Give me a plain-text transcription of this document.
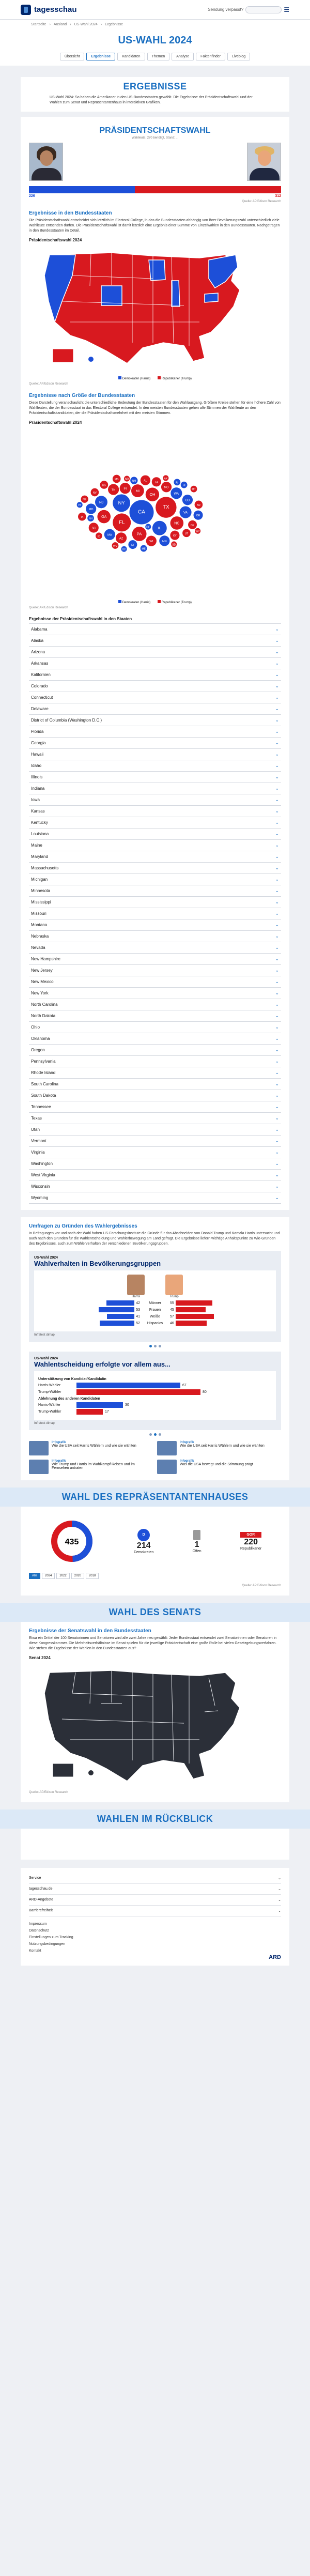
tagesschau	Sendung verpasst?	☰
Startseite › Ausland › US-Wahl 2024 › Ergebnisse
US-WAHL 2024
Übersicht	Ergebnisse	Kandidaten	Themen	Analyse	Faktenfinder	Liveblog
ERGEBNISSE

US-Wahl 2024: So haben die Amerikaner in den US-Bundesstaaten gewählt. Die Ergebnisse der Präsidentschaftswahl und der Wahlen zum Senat und Repräsentantenhaus in interaktiven Grafiken.

PRÄSIDENTSCHAFTSWAHL
Wahlleute, 270 benötigt, Stand: ...
226	312
Quelle: AP/Edison Research
Ergebnisse in den Bundesstaaten

Die Präsidentschaftswahl entscheidet sich letztlich im Electoral College, in das die Bundesstaaten abhängig von ihrer Bevölkerungszahl unterschiedlich viele Wahlleute entsenden dürfen. Die Präsidentschaftswahl ist damit letztlich eine Ergebnis einer Summe von Einzelwahlen in den Bundesstaaten. Nachgetragen in den Bundesstaaten im Detail.

Präsidentschaftswahl 2024
Demokraten (Harris)	Republikaner (Trump)
Quelle: AP/Edison Research
Ergebnisse nach Größe der Bundesstaaten

Diese Darstellung veranschaulicht die unterschiedliche Bedeutung der Bundesstaaten für den Wahlausgang. Größere Kreise stehen für eine höhere Zahl von Wahlleuten, die der Bundesstaat in das Electoral College entsendet. In den meisten Bundesstaaten gehen alle Stimmen der Wahlleute an den Präsidentschaftskandidaten, der die Präsidentschaftsmehrheit mit den meisten Stimmen.

Präsidentschaftswahl 2024
CA
TX
FL
NY
IL
PA
OH
GA
NC
MI
NJ
VA
WA
AZ
TN
MA
IN
MD
MN
MO
WI
CO
AL
SC
KY
LA
OR
OK
CT
UT
NV
IA
KS
AR
MS
NM
NE
ID
WV
HI
NH
ME
RI
MT
DE
SD
ND	AK
VT
WY
DC
Demokraten (Harris)	Republikaner (Trump)
Quelle: AP/Edison Research
Ergebnisse der Präsidentschaftswahl in den Staaten
Alabama	⌄
Alaska	⌄
Arizona	⌄
Arkansas	⌄
Kalifornien	⌄
Colorado	⌄
Connecticut	⌄
Delaware	⌄
District of Columbia (Washington D.C.)	⌄
Florida	⌄
Georgia	⌄
Hawaii	⌄
Idaho	⌄
Illinois	⌄
Indiana	⌄
Iowa	⌄
Kansas	⌄
Kentucky	⌄
Louisiana	⌄
Maine	⌄
Maryland	⌄
Massachusetts	⌄
Michigan	⌄
Minnesota	⌄
Mississippi	⌄
Missouri	⌄
Montana	⌄
Nebraska	⌄
Nevada	⌄
New Hampshire	⌄
New Jersey	⌄
New Mexico	⌄
New York	⌄
North Carolina	⌄
North Dakota	⌄
Ohio	⌄
Oklahoma	⌄
Oregon	⌄
Pennsylvania	⌄
Rhode Island	⌄
South Carolina	⌄
South Dakota	⌄
Tennessee	⌄
Texas	⌄
Utah	⌄
Vermont	⌄
Virginia	⌄
Washington	⌄
West Virginia	⌄
Wisconsin	⌄
Wyoming	⌄
Umfragen zu Gründen des Wahlergebnisses

In Befragungen vor und nach der Wahl haben US-Forschungsinstitute die Gründe für das Abschneiden von Donald Trump und Kamala Harris untersucht und auch nach den Gründen für die Wahlentscheidung und Wählerbewegung am Land gefragt. Die Ergebnisse liefern wichtige Anhaltspunkte zu Wie-Gründen des Ergebnisses, auch zum Wählerverhalten der verschiedenen Bevölkerungsgruppen.

US-Wahl 2024
Wahlverhalten in Bevölkerungsgruppen
Harris	Trump
42	Männer	55
53	Frauen	45
41	Weiße	57
52	Hispanics	46
Infratest dimap
US-Wahl 2024
Wahlentscheidung erfolgte vor allem aus...
Unterstützung von Kandidat/Kandidatin
Harris-Wähler	67
Trump-Wähler	80
Ablehnung des anderen Kandidaten
Harris-Wähler	30
Trump-Wähler	17
Infratest dimap
Infografik
Wie die USA seit Harris Wählern und wie sie wählten
Infografik
Wie die USA seit Harris Wählern und wie sie wählten
Infografik
Wie Trump und Harris im Wahlkampf Reisen und im Fernsehen antraten
Infografik
Was die USA bewegt und die Stimmung prägt
WAHL DES REPRÄSENTANTENHAUSES
435
D
214
Demokraten
1
Offen
GOP.
220
Republikaner
Alle	2024	2022	2020	2018
Quelle: AP/Edison Research
WAHL DES SENATS
Ergebnisse der Senatswahl in den Bundesstaaten

Etwa ein Drittel der 100 Senatorinnen und Senatoren wird alle zwei Jahre neu gewählt: Jeder Bundesstaat entsendet zwei Senatorinnen oder Senatoren in diese Kongresskammer. Die Mehrheitsverhältnisse im Senat spielen für die jeweilige Präsidentschaft eine große Rolle bei vielen Gesetzgebungsverfahren. Wie stehen die Ergebnisse der Wahlen in den Bundesstaaten aus?

Senat 2024
Quelle: AP/Edison Research
WAHLEN IM RÜCKBLICK
Service	⌄
tagesschau.de	⌄
ARD-Angebote	⌄
Barrierefreiheit	⌄
Impressum
Datenschutz
Einstellungen zum Tracking
Nutzungsbedingungen
Kontakt
ARD
